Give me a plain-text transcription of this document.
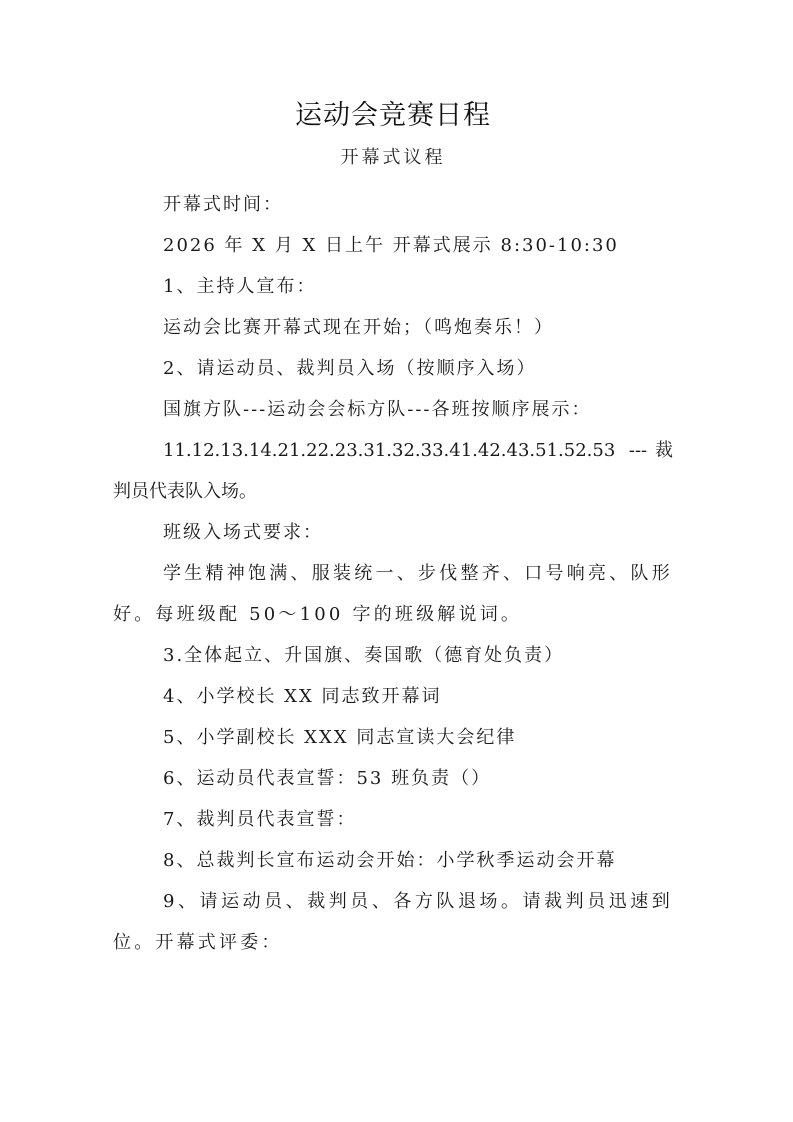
运动会竞赛日程
开幕式议程

开幕式时间：

2026 年 X 月 X 日上午 开幕式展示 8:30-10:30

1、主持人宣布：

运动会比赛开幕式现在开始；（鸣炮奏乐！）

2、请运动员、裁判员入场（按顺序入场）

国旗方队---运动会会标方队---各班按顺序展示：

11.12.13.14.21.22.23.31.32.33.41.42.43.51.52.53 ---裁判员代表队入场。

班级入场式要求：

学生精神饱满、服装统一、步伐整齐、口号响亮、队形好。每班级配 50～100 字的班级解说词。

3.全体起立、升国旗、奏国歌（德育处负责）

4、小学校长 XX 同志致开幕词

5、小学副校长 XXX 同志宣读大会纪律

6、运动员代表宣誓：53 班负责（）

7、裁判员代表宣誓：

8、总裁判长宣布运动会开始：小学秋季运动会开幕

9、请运动员、裁判员、各方队退场。请裁判员迅速到位。开幕式评委：
